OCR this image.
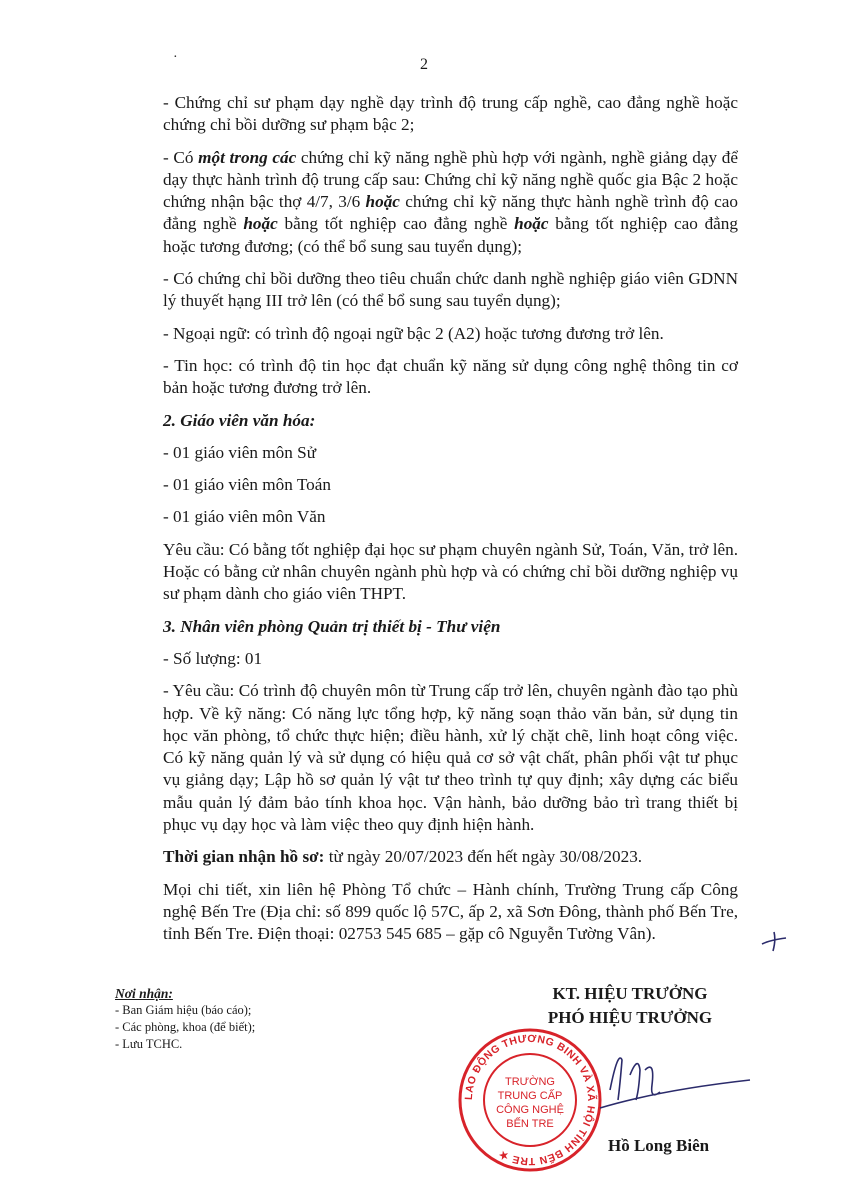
·	2

- Chứng chỉ sư phạm dạy nghề dạy trình độ trung cấp nghề, cao đẳng nghề hoặc chứng chỉ bồi dưỡng sư phạm bậc 2;

- Có một trong các chứng chỉ kỹ năng nghề phù hợp với ngành, nghề giảng dạy để dạy thực hành trình độ trung cấp sau: Chứng chỉ kỹ năng nghề quốc gia Bậc 2 hoặc chứng nhận bậc thợ 4/7, 3/6 hoặc chứng chỉ kỹ năng thực hành nghề trình độ cao đẳng nghề hoặc bằng tốt nghiệp cao đẳng nghề hoặc bằng tốt nghiệp cao đẳng hoặc tương đương; (có thể bổ sung sau tuyển dụng);

- Có chứng chỉ bồi dưỡng theo tiêu chuẩn chức danh nghề nghiệp giáo viên GDNN lý thuyết hạng III trở lên (có thể bổ sung sau tuyển dụng);

- Ngoại ngữ: có trình độ ngoại ngữ bậc 2 (A2) hoặc tương đương trở lên.

- Tin học: có trình độ tin học đạt chuẩn kỹ năng sử dụng công nghệ thông tin cơ bản hoặc tương đương trở lên.

2. Giáo viên văn hóa:

- 01 giáo viên môn Sử

- 01 giáo viên môn Toán

- 01 giáo viên môn Văn

Yêu cầu: Có bằng tốt nghiệp đại học sư phạm chuyên ngành Sử, Toán, Văn, trở lên. Hoặc có bằng cử nhân chuyên ngành phù hợp và có chứng chỉ bồi dưỡng nghiệp vụ sư phạm dành cho giáo viên THPT.

3. Nhân viên phòng Quản trị thiết bị - Thư viện

- Số lượng: 01

- Yêu cầu: Có trình độ chuyên môn từ Trung cấp trở lên, chuyên ngành đào tạo phù hợp. Về kỹ năng: Có năng lực tổng hợp, kỹ năng soạn thảo văn bản, sử dụng tin học văn phòng, tổ chức thực hiện; điều hành, xử lý chặt chẽ, linh hoạt công việc. Có kỹ năng quản lý và sử dụng có hiệu quả cơ sở vật chất, phân phối vật tư phục vụ giảng dạy; Lập hồ sơ quản lý vật tư theo trình tự quy định; xây dựng các biểu mẫu quản lý đảm bảo tính khoa học. Vận hành, bảo dưỡng bảo trì trang thiết bị phục vụ dạy học và làm việc theo quy định hiện hành.

Thời gian nhận hồ sơ: từ ngày 20/07/2023 đến hết ngày 30/08/2023.

Mọi chi tiết, xin liên hệ Phòng Tổ chức – Hành chính, Trường Trung cấp Công nghệ Bến Tre (Địa chỉ: số 899 quốc lộ 57C, ấp 2, xã Sơn Đông, thành phố Bến Tre, tỉnh Bến Tre. Điện thoại: 02753 545 685 – gặp cô Nguyễn Tường Vân).

Nơi nhận:
- Ban Giám hiệu (báo cáo);
- Các phòng, khoa (để biết);
- Lưu TCHC.
KT. HIỆU TRƯỞNG
PHÓ HIỆU TRƯỞNG
LAO ĐỘNG THƯƠNG BINH VÀ XÃ HỘI TỈNH BẾN TRE ★
TRƯỜNG
TRUNG CẤP
CÔNG NGHỆ
BẾN TRE
Hồ Long Biên
